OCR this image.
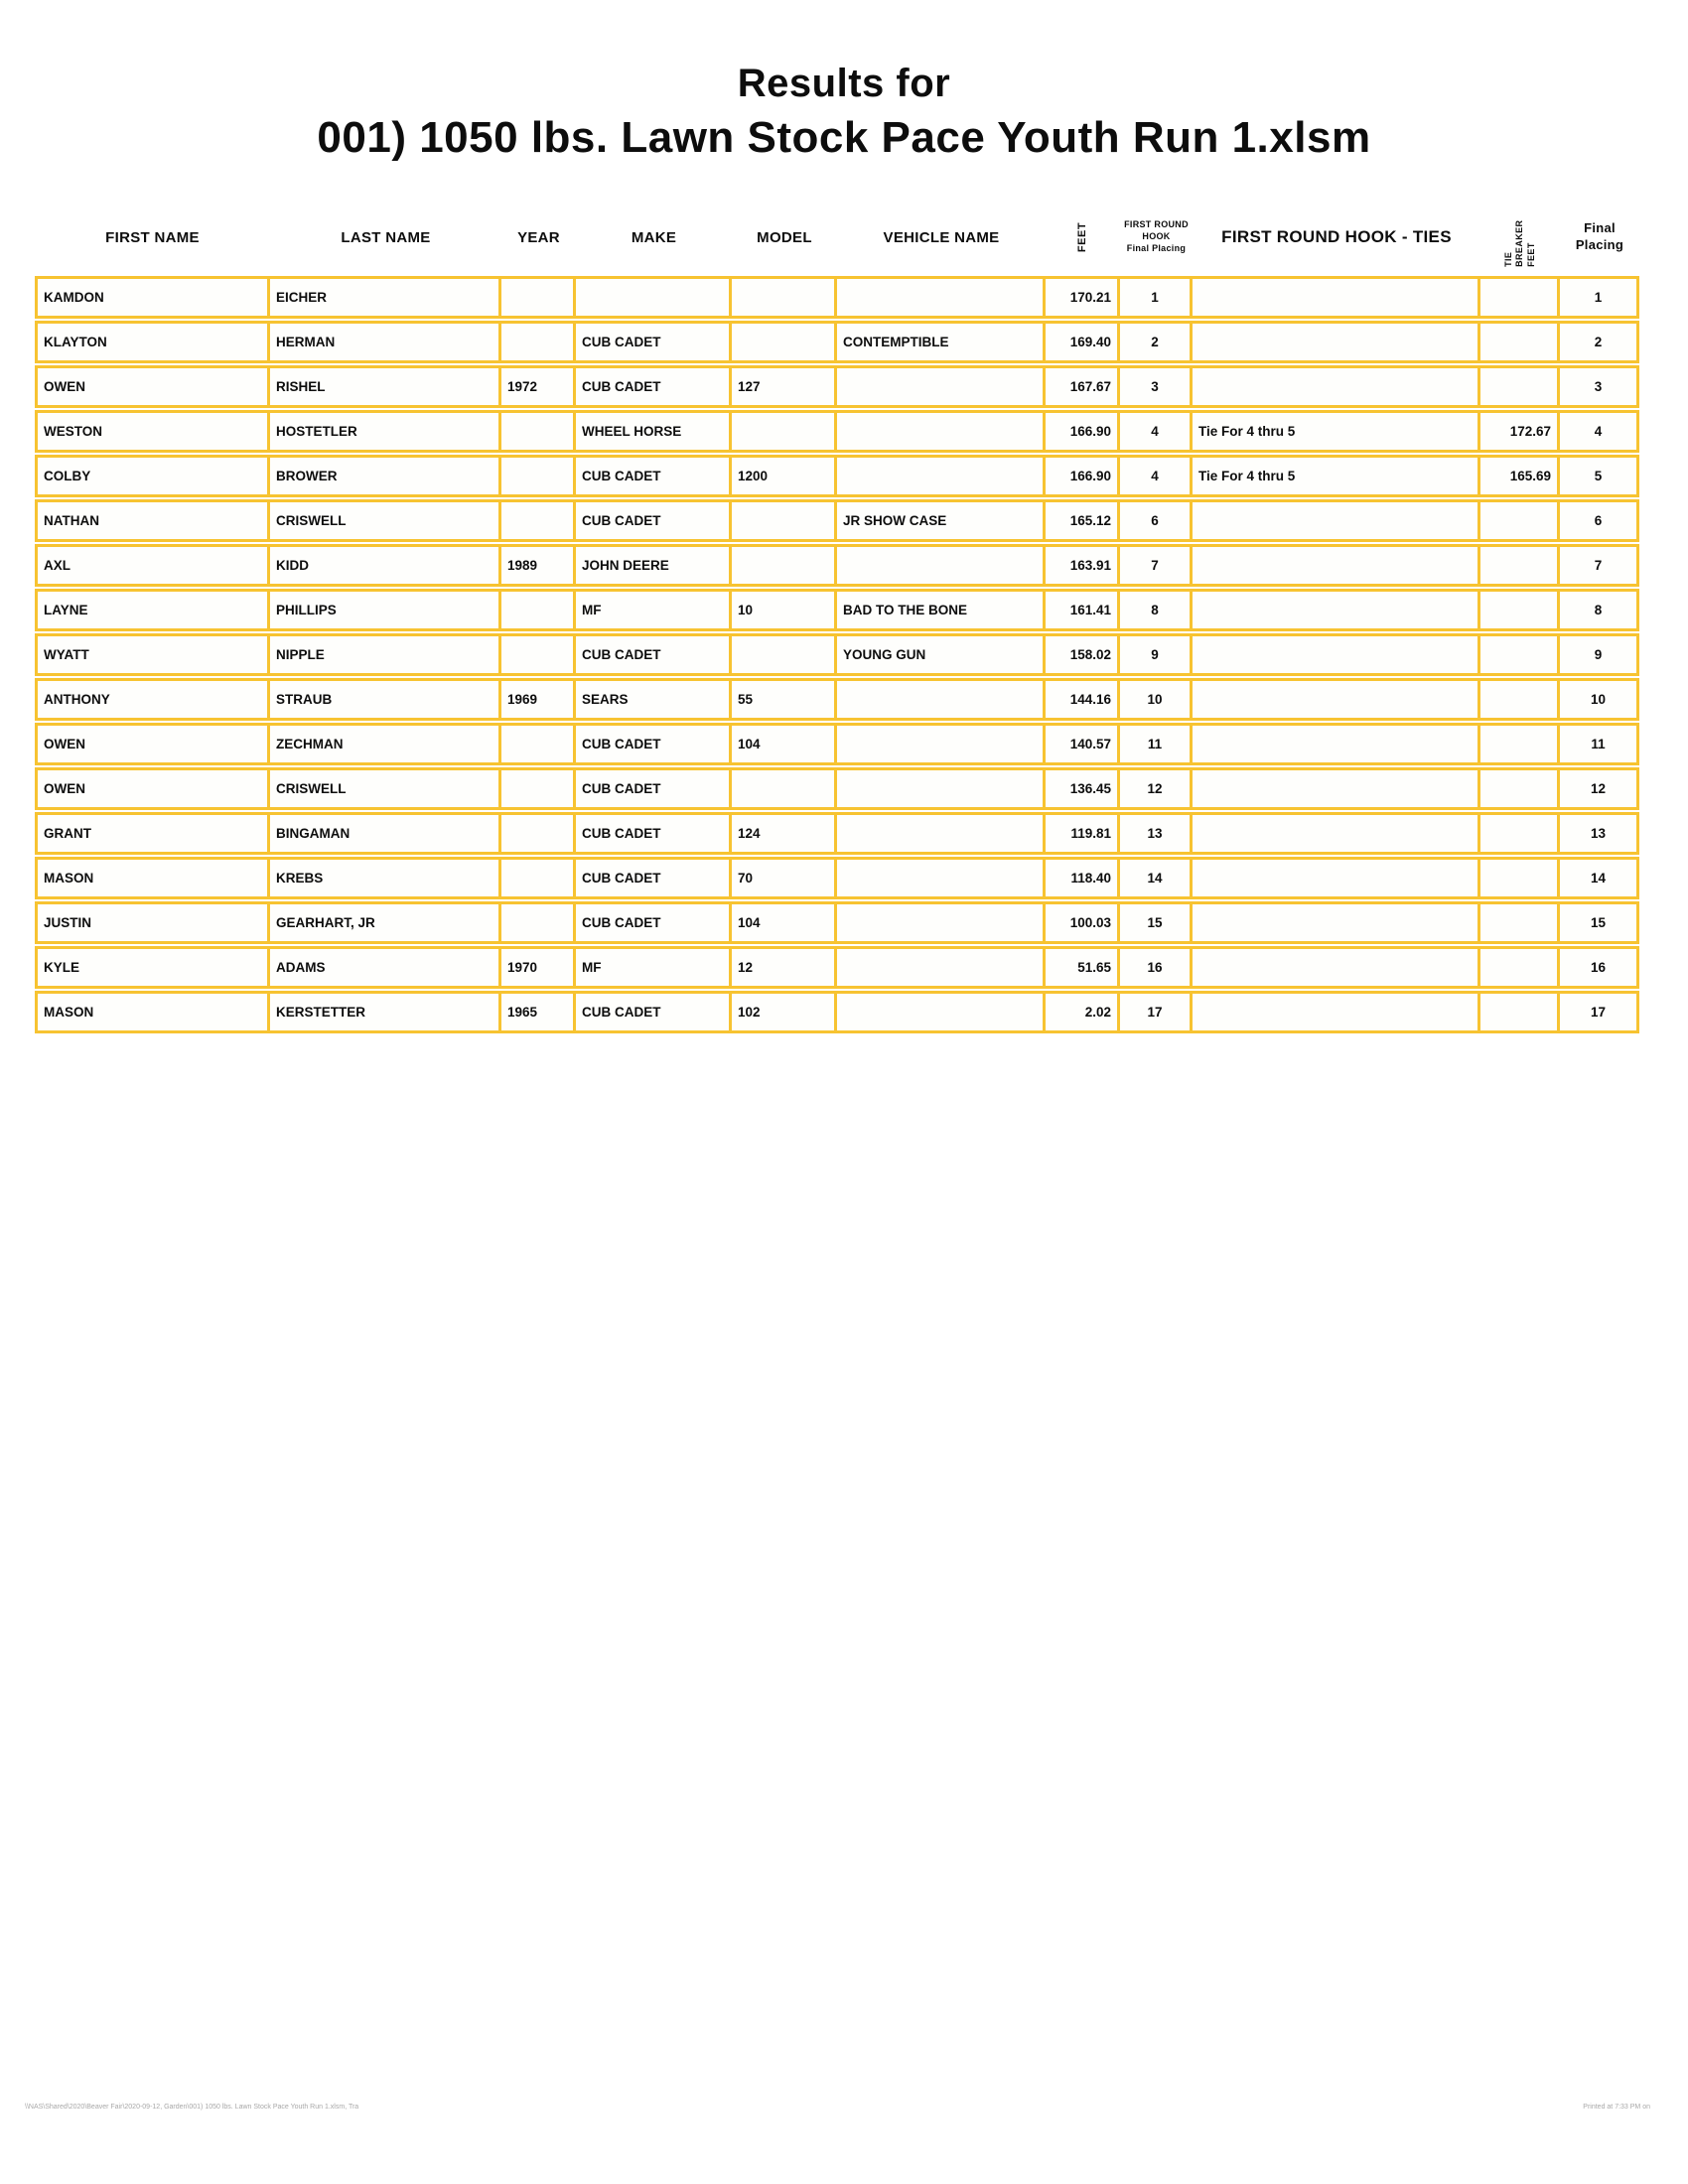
Results for
001) 1050 lbs. Lawn Stock Pace Youth Run 1.xlsm
FIRST NAME	LAST NAME	YEAR	MAKE	MODEL	VEHICLE NAME	FEET	FIRST ROUND HOOK
Final Placing	FIRST ROUND HOOK - TIES	TIE BREAKER FEET	Final Placing
KAMDON	EICHER					170.21	1			1
KLAYTON	HERMAN		CUB CADET		CONTEMPTIBLE	169.40	2			2
OWEN	RISHEL	1972	CUB CADET	127		167.67	3			3
WESTON	HOSTETLER		WHEEL HORSE			166.90	4	Tie For 4 thru 5	172.67	4
COLBY	BROWER		CUB CADET	1200		166.90	4	Tie For 4 thru 5	165.69	5
NATHAN	CRISWELL		CUB CADET		JR SHOW CASE	165.12	6			6
AXL	KIDD	1989	JOHN DEERE			163.91	7			7
LAYNE	PHILLIPS		MF	10	BAD TO THE BONE	161.41	8			8
WYATT	NIPPLE		CUB CADET		YOUNG GUN	158.02	9			9
ANTHONY	STRAUB	1969	SEARS	55		144.16	10			10
OWEN	ZECHMAN		CUB CADET	104		140.57	11			11
OWEN	CRISWELL		CUB CADET			136.45	12			12
GRANT	BINGAMAN		CUB CADET	124		119.81	13			13
MASON	KREBS		CUB CADET	70		118.40	14			14
JUSTIN	GEARHART, JR		CUB CADET	104		100.03	15			15
KYLE	ADAMS	1970	MF	12		51.65	16			16
MASON	KERSTETTER	1965	CUB CADET	102		2.02	17			17
\\NAS\Shared\2020\Beaver Fair\2020-09-12, Garden\001) 1050 lbs. Lawn Stock Pace Youth Run 1.xlsm, Tra	Printed at 7:33 PM on
